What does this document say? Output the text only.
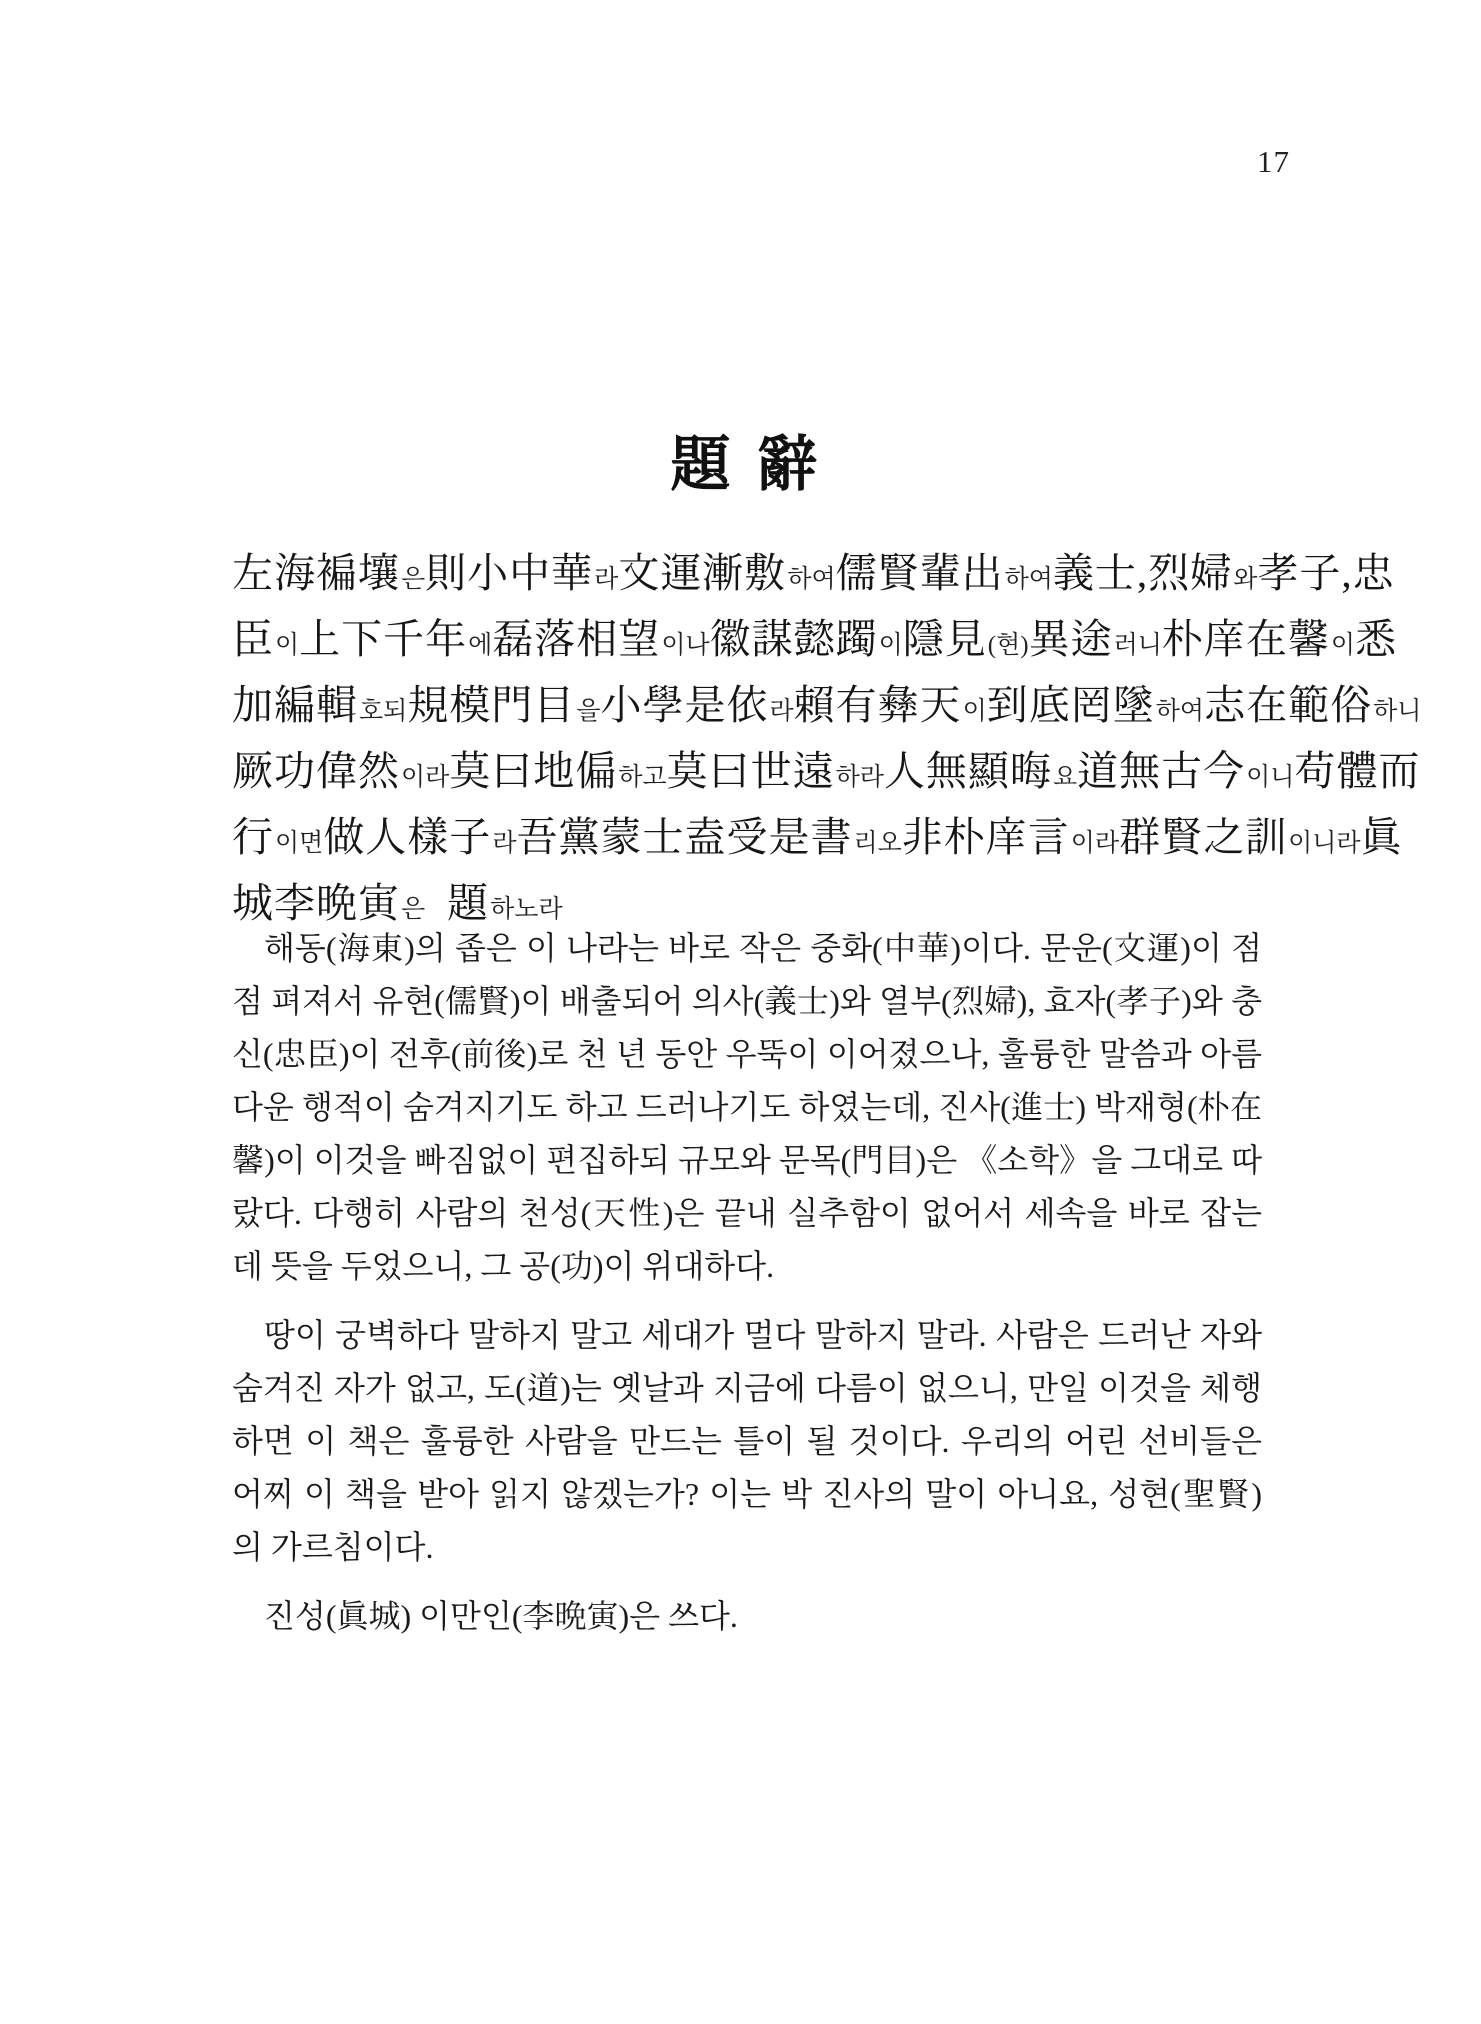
17
題 辭
左海褊壤 은 則小中華 라 文運漸敷 하여 儒賢輩出 하여 義士, 烈婦 와 孝子, 忠
臣 이 上下千年 에 磊落相望 이나 徽謀懿躅 이 隱見 (현) 異途 러니 朴庠在馨 이 悉
加編輯 호되 規模門目 을 小學是依 라 賴有彝天 이 到底罔墜 하여 志在範俗 하니
厥功偉然 이라 莫曰地偏 하고 莫曰世遠 하라 人無顯晦 요 道無古今 이니 苟體而
行 이면 做人樣子 라 吾黨蒙士 盍受是書 리오 非朴庠言 이라 群賢之訓 이니라 眞
城李晩寅 은 題 하노라

해동(海東)의 좁은 이 나라는 바로 작은 중화(中華)이다. 문운(文運)이 점점 펴져서 유현(儒賢)이 배출되어 의사(義士)와 열부(烈婦), 효자(孝子)와 충신(忠臣)이 전후(前後)로 천 년 동안 우뚝이 이어졌으나, 훌륭한 말씀과 아름다운 행적이 숨겨지기도 하고 드러나기도 하였는데, 진사(進士) 박재형(朴在馨)이 이것을 빠짐없이 편집하되 규모와 문목(門目)은 《소학》을 그대로 따랐다. 다행히 사람의 천성(天性)은 끝내 실추함이 없어서 세속을 바로 잡는 데 뜻을 두었으니, 그 공(功)이 위대하다.

땅이 궁벽하다 말하지 말고 세대가 멀다 말하지 말라. 사람은 드러난 자와 숨겨진 자가 없고, 도(道)는 옛날과 지금에 다름이 없으니, 만일 이것을 체행하면 이 책은 훌륭한 사람을 만드는 틀이 될 것이다. 우리의 어린 선비들은 어찌 이 책을 받아 읽지 않겠는가? 이는 박 진사의 말이 아니요, 성현(聖賢)의 가르침이다.

진성(眞城) 이만인(李晩寅)은 쓰다.
